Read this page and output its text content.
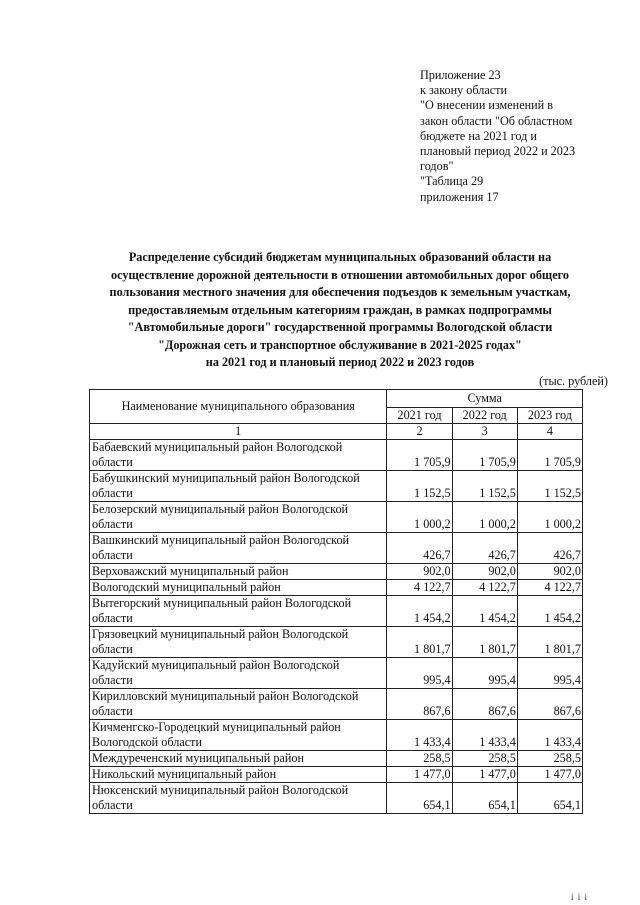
Приложение 23
к закону области
"О внесении изменений в
закон области "Об областном
бюджете на 2021 год и
плановый период 2022 и 2023
годов"
"Таблица 29
приложения 17
Распределение субсидий бюджетам муниципальных образований области на
осуществление дорожной деятельности в отношении автомобильных дорог общего
пользования местного значения для обеспечения подъездов к земельным участкам,
предоставляемым отдельным категориям граждан, в рамках подпрограммы
"Автомобильные дороги" государственной программы Вологодской области
"Дорожная сеть и транспортное обслуживание в 2021-2025 годах"
на 2021 год и плановый период 2022 и 2023 годов
(тыс. рублей)
Наименование муниципального образования	Сумма		
	2021 год	2022 год	2023 год
1	2	3	4

Бабаевский муниципальный район Вологодской
области	1 705,9	1 705,9	1 705,9

Бабушкинский муниципальный район Вологодской
области	1 152,5	1 152,5	1 152,5

Белозерский муниципальный район Вологодской
области	1 000,2	1 000,2	1 000,2

Вашкинский муниципальный район Вологодской
области	426,7	426,7	426,7

Верховажский муниципальный район	902,0	902,0	902,0

Вологодский муниципальный район	4 122,7	4 122,7	4 122,7

Вытегорский муниципальный район Вологодской
области	1 454,2	1 454,2	1 454,2

Грязовецкий муниципальный район Вологодской
области	1 801,7	1 801,7	1 801,7

Кадуйский муниципальный район Вологодской
области	995,4	995,4	995,4

Кирилловский муниципальный район Вологодской
области	867,6	867,6	867,6

Кичменгско-Городецкий муниципальный район
Вологодской области	1 433,4	1 433,4	1 433,4

Междуреченский муниципальный район	258,5	258,5	258,5

Никольский муниципальный район	1 477,0	1 477,0	1 477,0

Нюксенский муниципальный район Вологодской
области	654,1	654,1	654,1
i i i
